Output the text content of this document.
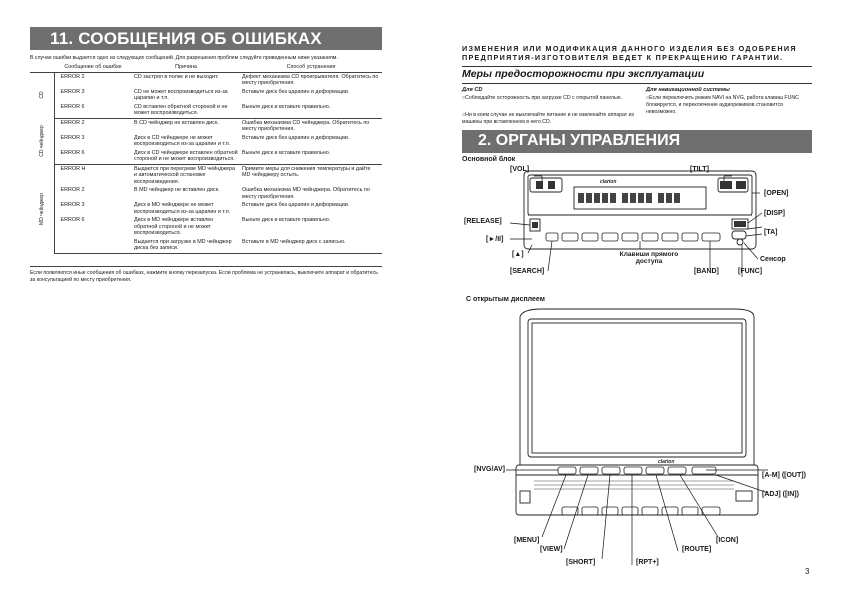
11. СООБЩЕНИЯ ОБ ОШИБКАХ
В случае ошибки выдается одно из следующих сообщений. Для разрешения проблем следуйте приведенным ниже указаниям.
	Сообщение об ошибке	Причина	Способ устранения

CD	ERROR 2	CD застрял в полке и не выходит.	Дефект механизма CD проигрывателя. Обратитесь по месту приобретения.
	ERROR 3	CD не может воспроизводиться из-за царапин и т.п.	Вставьте диск без царапин и деформации.
	ERROR 6	CD вставлен обратной стороной и не может воспроизводиться.	Выньте диск и вставьте правильно.

CD чейнджер	ERROR 2	В CD чейнджер не вставлен диск.	Ошибка механизма CD чейнджера. Обратитесь по месту приобретения.
	ERROR 3	Диск в CD чейнджере не может воспроизводиться из-за царапин и т.п.	Вставьте диск без царапин и деформации.
	ERROR 6	Диск в CD чейнджере вставлен обратной стороной и не может воспроизводиться.	Выньте диск и вставьте правильно.

MD чейнджер	ERROR H	Выдается при перегреве MD чейнджера и автоматической остановке воспроизведения.	Примите меры для снижения температуры и дайте MD чейнджеру остыть.
	ERROR 2	В MD чейнджер не вставлен диск.	Ошибка механизма MD чейнджера. Обратитесь по месту приобретения.
	ERROR 3	Диск в MD чейнджере не может воспроизводиться из-за царапин и т.п.	Вставьте диск без царапин и деформации.
	ERROR 6	Диск в MD чейнджере вставлен обратной стороной и не может воспроизводиться.	Выньте диск и вставьте правильно.
		Выдается при загрузке в MD чейнджер диска без записи.	Вставьте в MD чейнджер диск с записью.
Если появляются иные сообщения об ошибках, нажмите кнопку перезапуска. Если проблема не устранилась, выключите аппарат и обратитесь за консультацией по месту приобретения.
ИЗМЕНЕНИЯ ИЛИ МОДИФИКАЦИЯ ДАННОГО ИЗДЕЛИЯ БЕЗ ОДОБРЕНИЯ ПРЕДПРИЯТИЯ-ИЗГОТОВИТЕЛЯ ВЕДЕТ К ПРЕКРАЩЕНИЮ ГАРАНТИИ.
Меры предосторожности при эксплуатации
Для CD
○Соблюдайте осторожность при загрузке CD с открытой панелью.
○Ни в коем случае не выключайте питание и не извлекайте аппарат из машины при вставленном в него CD.
Для навигационной системы
○Если переключить режим NAVI на NVG, работа клавиш FUNC блокируется, и переключение аудиорежимов становится невозможно.
2. ОРГАНЫ УПРАВЛЕНИЯ
Основной блок
clarion
[VOL]	[TILT]
[OPEN]
[RELEASE]
[DISP]
[TA]
[►/II]
[▲]
[SEARCH]
Клавиши прямого доступа
[BAND]
Сенсор
[FUNC]
С открытым дисплеем
clarion
[NVG/AV]
[A-M] ([OUT])
[ADJ] ([IN])
[MENU]
[VIEW]
[SHORT]	[RPT+]
[ROUTE]
[ICON]
3
